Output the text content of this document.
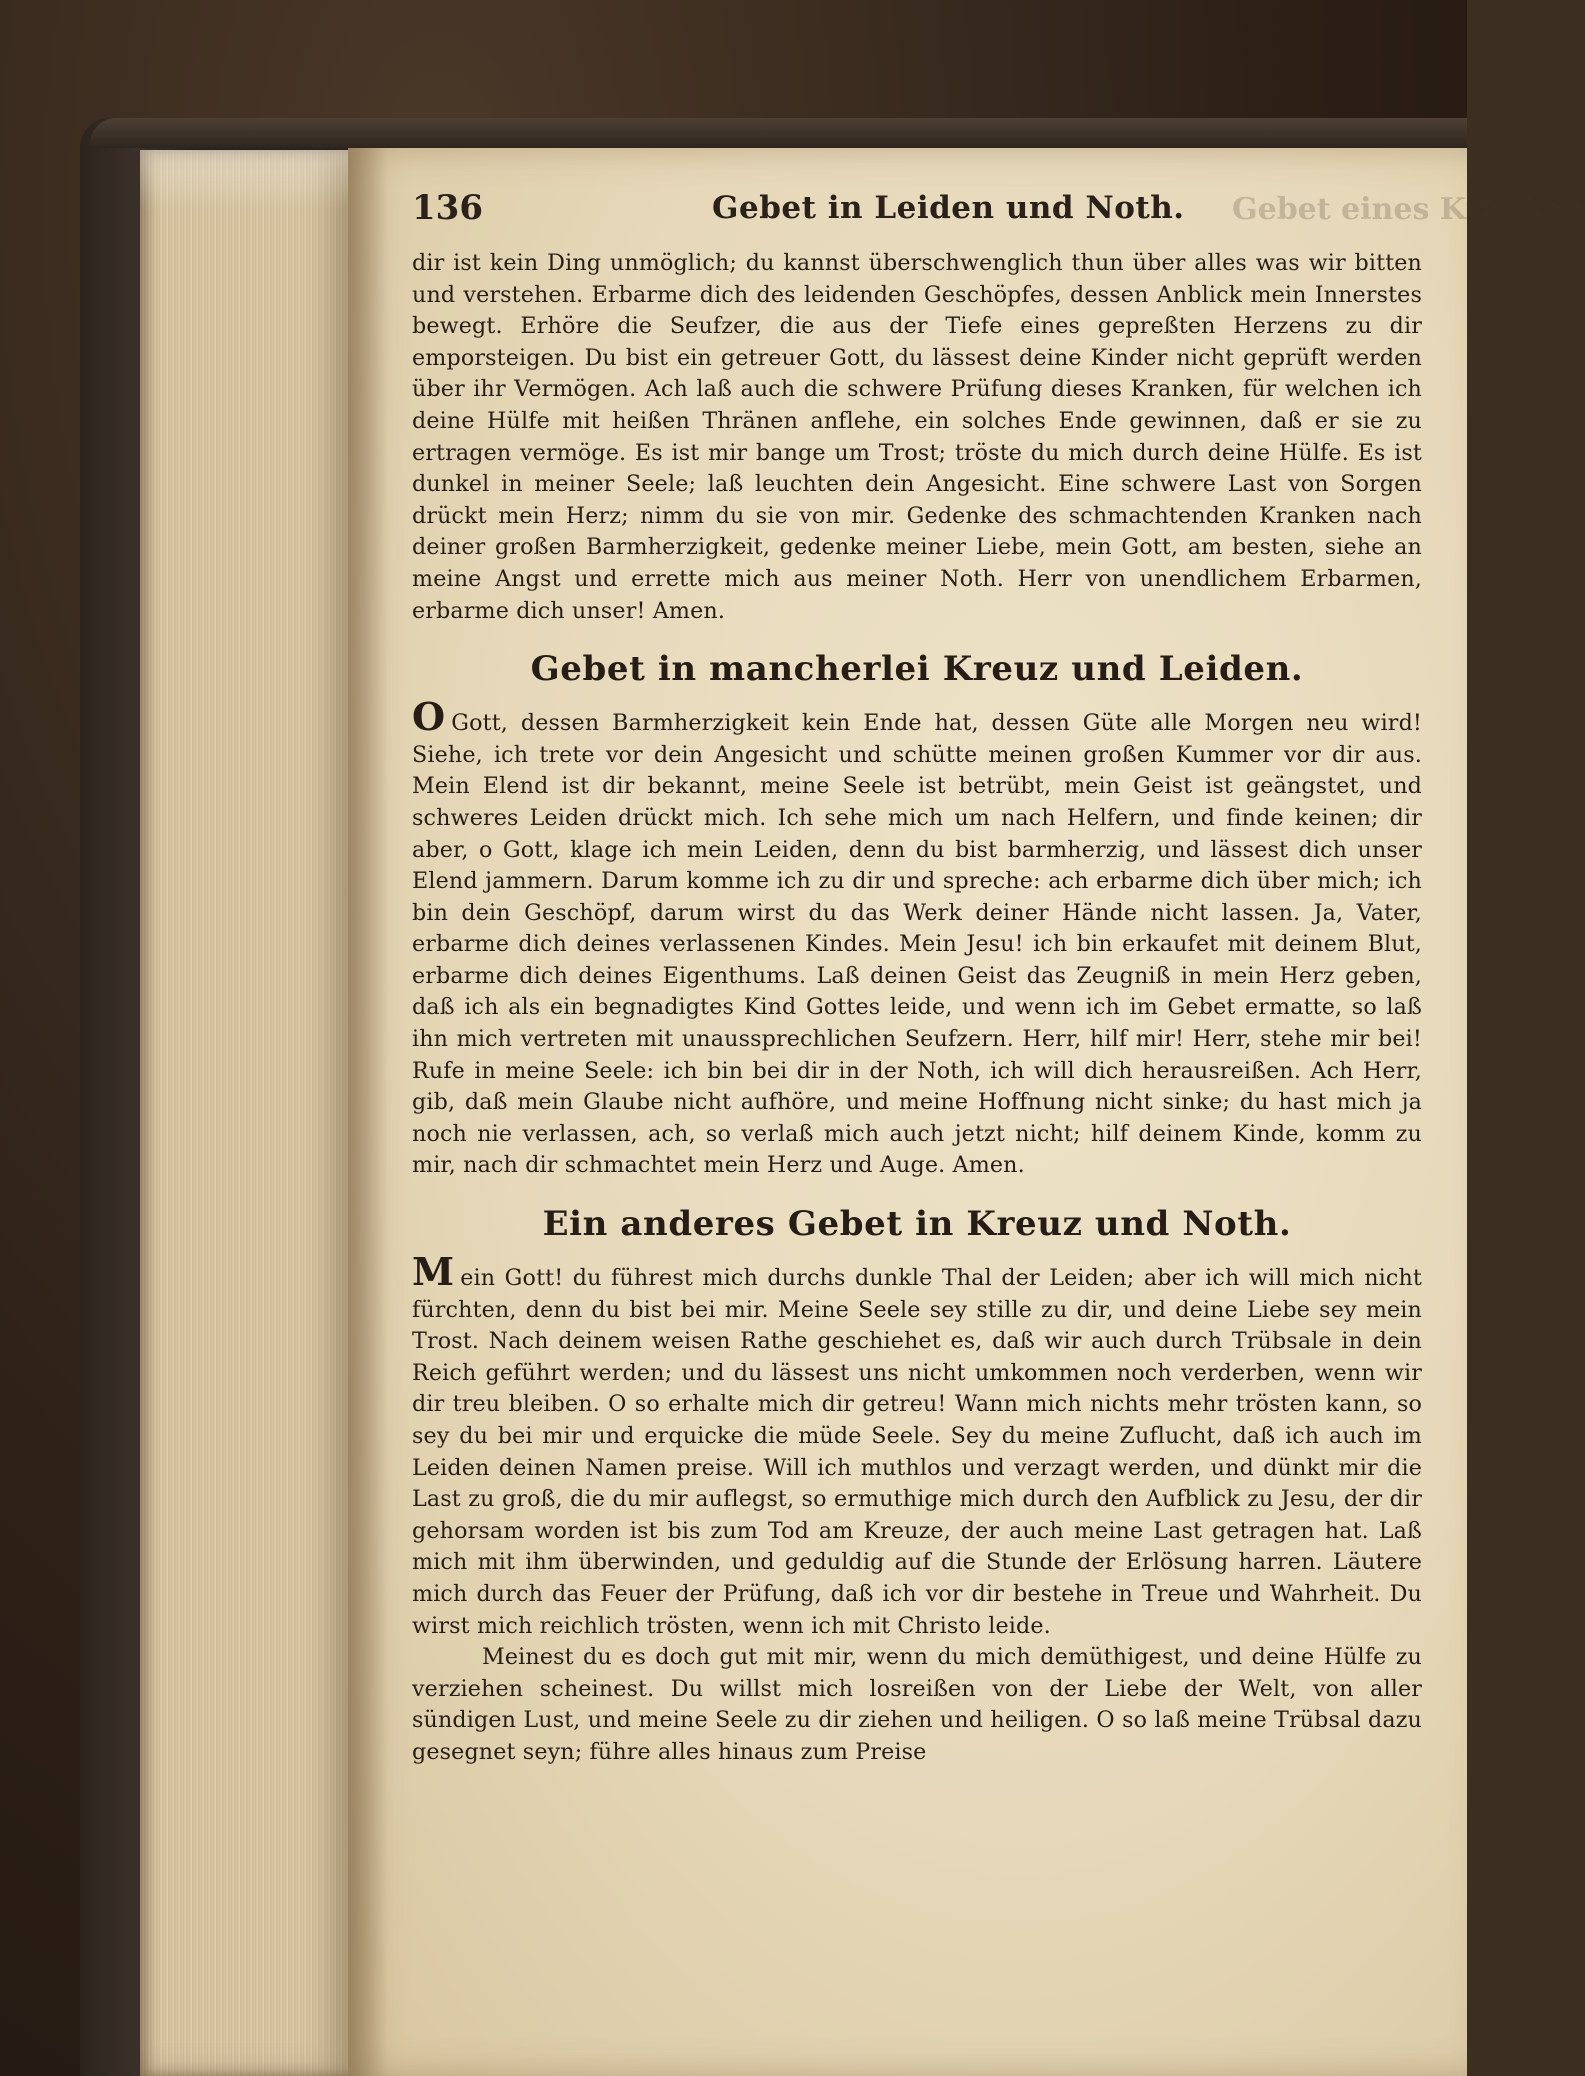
136	Gebet in Leiden und Noth. Gebet eines Kranken

dir ist kein Ding unmöglich; du kannst überschwenglich thun über alles was wir bitten und verstehen. Erbarme dich des leidenden Geschöpfes, dessen Anblick mein Innerstes bewegt. Erhöre die Seufzer, die aus der Tiefe eines gepreßten Herzens zu dir emporsteigen. Du bist ein getreuer Gott, du lässest deine Kinder nicht geprüft werden über ihr Vermögen. Ach laß auch die schwere Prüfung dieses Kranken, für welchen ich deine Hülfe mit heißen Thränen anflehe, ein solches Ende gewinnen, daß er sie zu ertragen vermöge. Es ist mir bange um Trost; tröste du mich durch deine Hülfe. Es ist dunkel in meiner Seele; laß leuchten dein Angesicht. Eine schwere Last von Sorgen drückt mein Herz; nimm du sie von mir. Gedenke des schmachtenden Kranken nach deiner großen Barmherzigkeit, gedenke meiner Liebe, mein Gott, am besten, siehe an meine Angst und errette mich aus meiner Noth. Herr von unendlichem Erbarmen, erbarme dich unser! Amen.

Gebet in mancherlei Kreuz und Leiden.

O Gott, dessen Barmherzigkeit kein Ende hat, dessen Güte alle Morgen neu wird! Siehe, ich trete vor dein Angesicht und schütte meinen großen Kummer vor dir aus. Mein Elend ist dir bekannt, meine Seele ist betrübt, mein Geist ist geängstet, und schweres Leiden drückt mich. Ich sehe mich um nach Helfern, und finde keinen; dir aber, o Gott, klage ich mein Leiden, denn du bist barmherzig, und lässest dich unser Elend jammern. Darum komme ich zu dir und spreche: ach erbarme dich über mich; ich bin dein Geschöpf, darum wirst du das Werk deiner Hände nicht lassen. Ja, Vater, erbarme dich deines verlassenen Kindes. Mein Jesu! ich bin erkaufet mit deinem Blut, erbarme dich deines Eigenthums. Laß deinen Geist das Zeugniß in mein Herz geben, daß ich als ein begnadigtes Kind Gottes leide, und wenn ich im Gebet ermatte, so laß ihn mich vertreten mit unaussprechlichen Seufzern. Herr, hilf mir! Herr, stehe mir bei! Rufe in meine Seele: ich bin bei dir in der Noth, ich will dich herausreißen. Ach Herr, gib, daß mein Glaube nicht aufhöre, und meine Hoffnung nicht sinke; du hast mich ja noch nie verlassen, ach, so verlaß mich auch jetzt nicht; hilf deinem Kinde, komm zu mir, nach dir schmachtet mein Herz und Auge. Amen.

Ein anderes Gebet in Kreuz und Noth.

Mein Gott! du führest mich durchs dunkle Thal der Leiden; aber ich will mich nicht fürchten, denn du bist bei mir. Meine Seele sey stille zu dir, und deine Liebe sey mein Trost. Nach deinem weisen Rathe geschiehet es, daß wir auch durch Trübsale in dein Reich geführt werden; und du lässest uns nicht umkommen noch verderben, wenn wir dir treu bleiben. O so erhalte mich dir getreu! Wann mich nichts mehr trösten kann, so sey du bei mir und erquicke die müde Seele. Sey du meine Zuflucht, daß ich auch im Leiden deinen Namen preise. Will ich muthlos und verzagt werden, und dünkt mir die Last zu groß, die du mir auflegst, so ermuthige mich durch den Aufblick zu Jesu, der dir gehorsam worden ist bis zum Tod am Kreuze, der auch meine Last getragen hat. Laß mich mit ihm überwinden, und geduldig auf die Stunde der Erlösung harren. Läutere mich durch das Feuer der Prüfung, daß ich vor dir bestehe in Treue und Wahrheit. Du wirst mich reichlich trösten, wenn ich mit Christo leide.

Meinest du es doch gut mit mir, wenn du mich demüthigest, und deine Hülfe zu verziehen scheinest. Du willst mich losreißen von der Liebe der Welt, von aller sündigen Lust, und meine Seele zu dir ziehen und heiligen. O so laß meine Trübsal dazu gesegnet seyn; führe alles hinaus zum Preise
